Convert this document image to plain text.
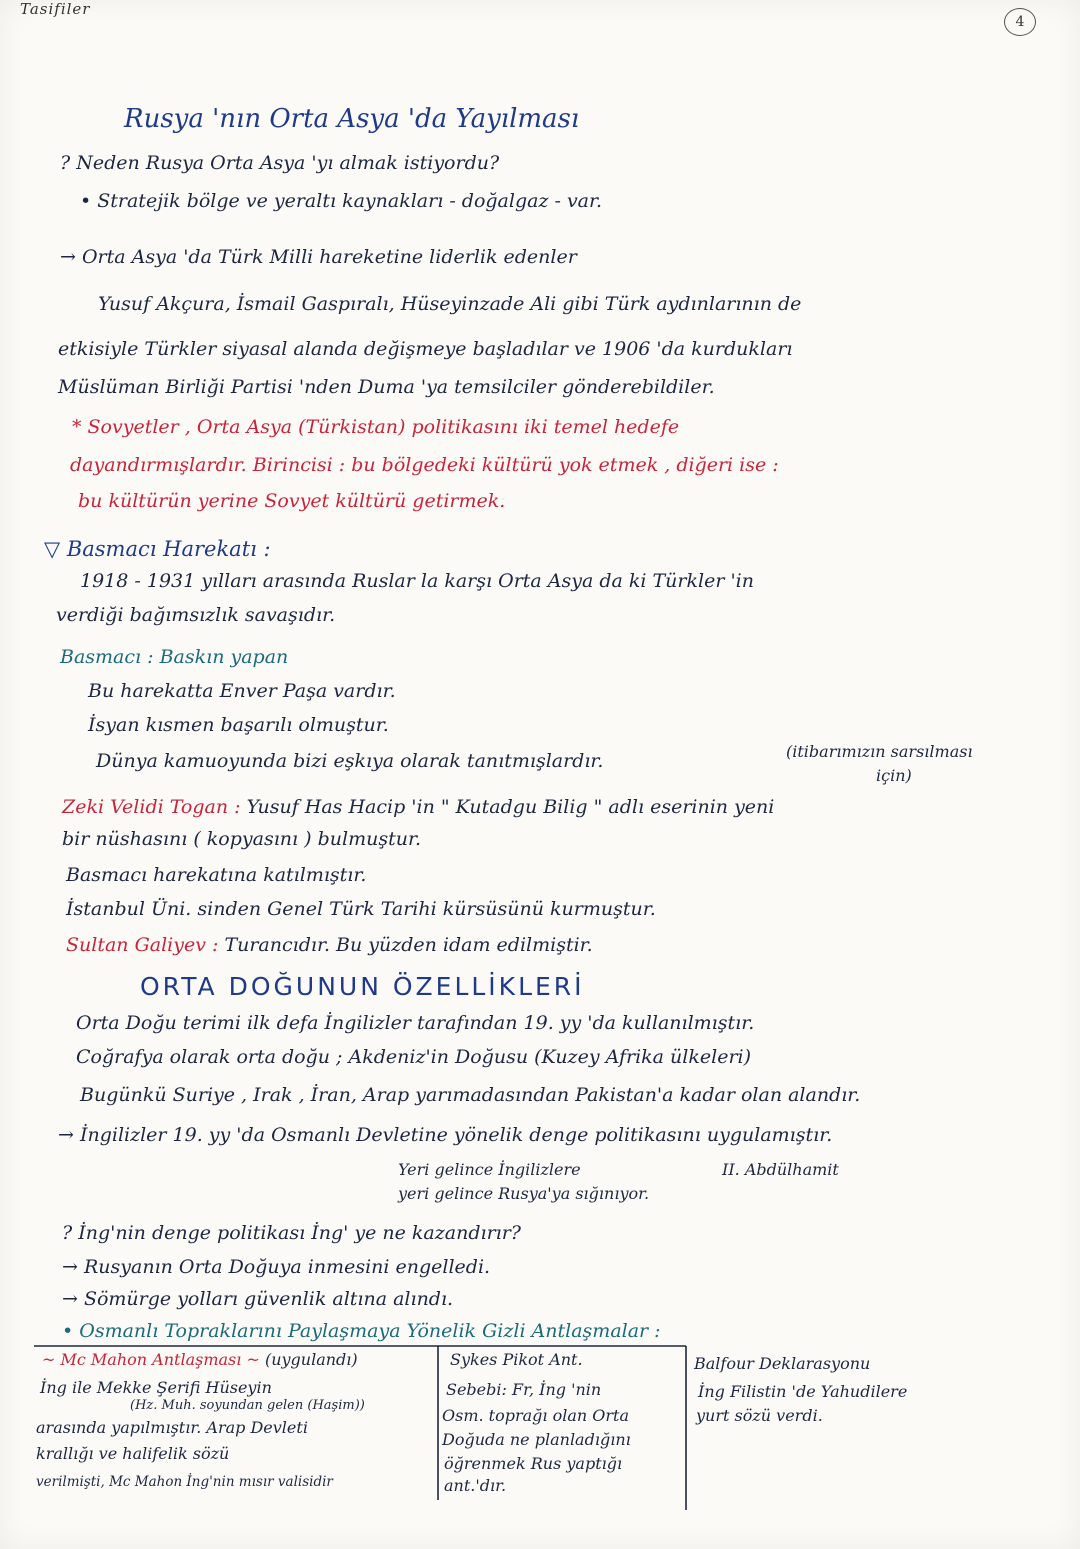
Tasifiler
4
Rusya 'nın Orta Asya 'da Yayılması
? Neden Rusya Orta Asya 'yı almak istiyordu?
• Stratejik bölge ve yeraltı kaynakları - doğalgaz - var.
→ Orta Asya 'da Türk Milli hareketine liderlik edenler
Yusuf Akçura, İsmail Gaspıralı, Hüseyinzade Ali gibi Türk aydınlarının de
etkisiyle Türkler siyasal alanda değişmeye başladılar ve 1906 'da kurdukları
Müslüman Birliği Partisi 'nden Duma 'ya temsilciler gönderebildiler.
* Sovyetler , Orta Asya (Türkistan) politikasını iki temel hedefe
dayandırmışlardır. Birincisi : bu bölgedeki kültürü yok etmek , diğeri ise :
bu kültürün yerine Sovyet kültürü getirmek.
▽ Basmacı Harekatı :
1918 - 1931 yılları arasında Ruslar la karşı Orta Asya da ki Türkler 'in
verdiği bağımsızlık savaşıdır.
Basmacı : Baskın yapan
Bu harekatta Enver Paşa vardır.
İsyan kısmen başarılı olmuştur.
Dünya kamuoyunda bizi eşkıya olarak tanıtmışlardır.	(itibarımızın sarsılması
için)
Zeki Velidi Togan : Yusuf Has Hacip 'in " Kutadgu Bilig " adlı eserinin yeni
bir nüshasını ( kopyasını ) bulmuştur.
Basmacı harekatına katılmıştır.
İstanbul Üni. sinden Genel Türk Tarihi kürsüsünü kurmuştur.
Sultan Galiyev : Turancıdır. Bu yüzden idam edilmiştir.
ORTA DOĞUNUN ÖZELLİKLERİ
Orta Doğu terimi ilk defa İngilizler tarafından 19. yy 'da kullanılmıştır.
Coğrafya olarak orta doğu ; Akdeniz'in Doğusu (Kuzey Afrika ülkeleri)
Bugünkü Suriye , Irak , İran, Arap yarımadasından Pakistan'a kadar olan alandır.
→ İngilizler 19. yy 'da Osmanlı Devletine yönelik denge politikasını uygulamıştır.
Yeri gelince İngilizlere
yeri gelince Rusya'ya sığınıyor.
II. Abdülhamit
? İng'nin denge politikası İng' ye ne kazandırır?
→ Rusyanın Orta Doğuya inmesini engelledi.
→ Sömürge yolları güvenlik altına alındı.
• Osmanlı Topraklarını Paylaşmaya Yönelik Gizli Antlaşmalar :
~ Mc Mahon Antlaşması ~ (uygulandı)
İng ile Mekke Şerifi Hüseyin
(Hz. Muh. soyundan gelen (Haşim))
arasında yapılmıştır. Arap Devleti
krallığı ve halifelik sözü
verilmişti, Mc Mahon İng'nin mısır valisidir
Sykes Pikot Ant.
Sebebi: Fr, İng 'nin
Osm. toprağı olan Orta
Doğuda ne planladığını
öğrenmek Rus yaptığı
ant.'dır.
Balfour Deklarasyonu
İng Filistin 'de Yahudilere
yurt sözü verdi.
